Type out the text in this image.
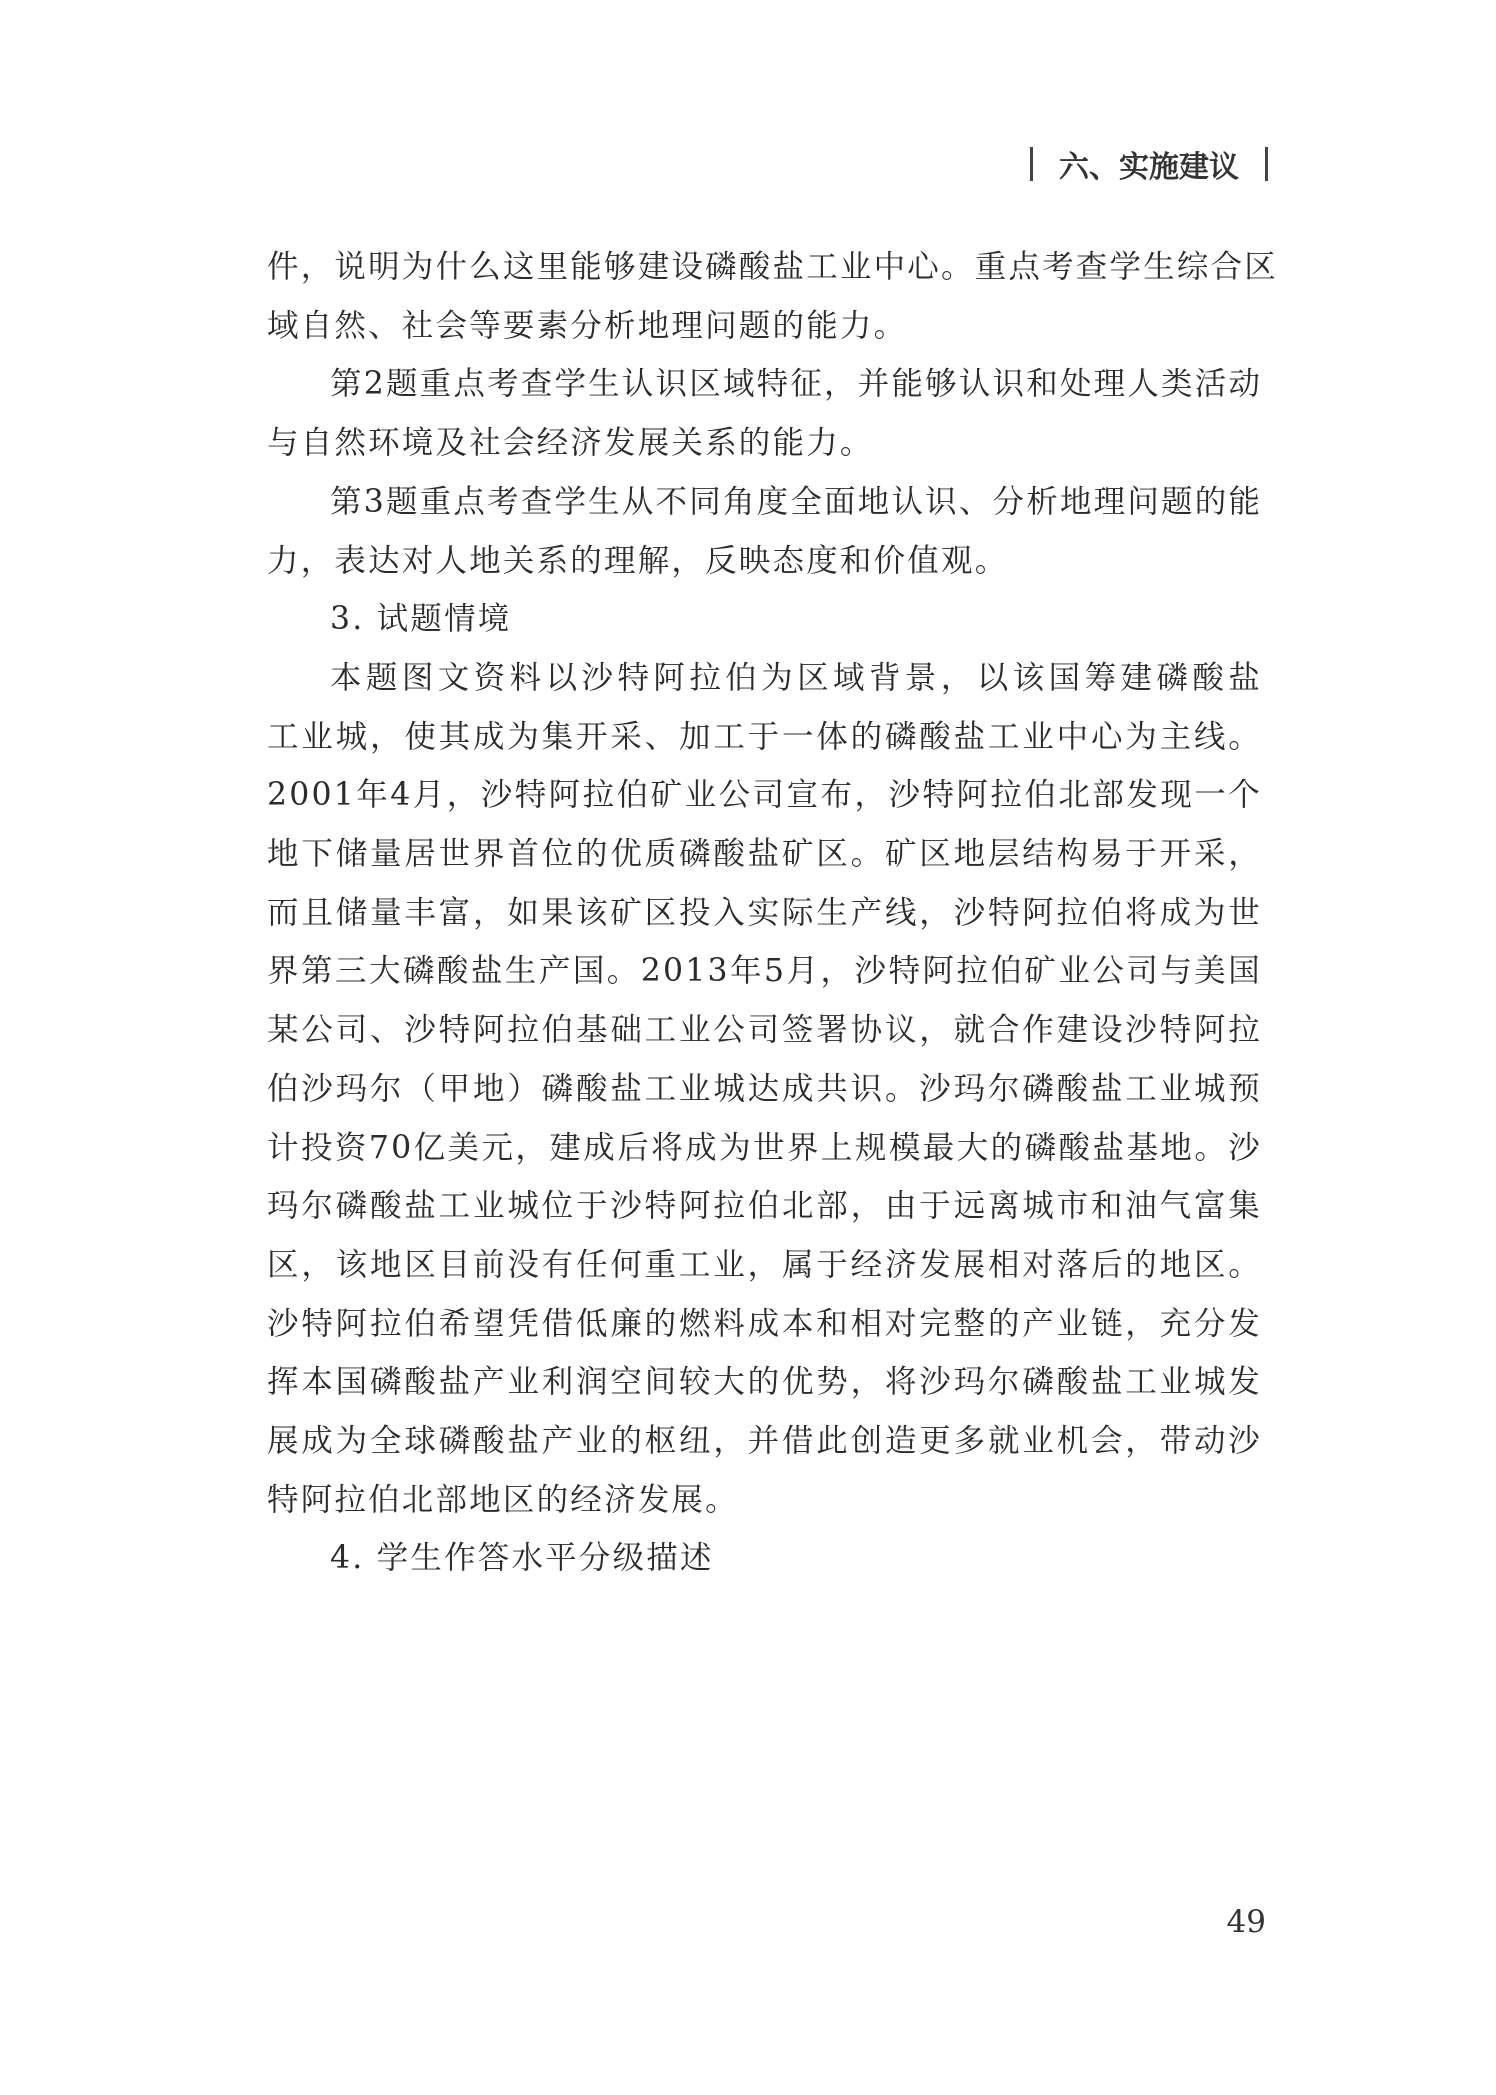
六、实施建议
件，说明为什么这里能够建设磷酸盐工业中心。重点考查学生综合区
域自然、社会等要素分析地理问题的能力。
第2题重点考查学生认识区域特征，并能够认识和处理人类活动
与自然环境及社会经济发展关系的能力。
第3题重点考查学生从不同角度全面地认识、分析地理问题的能
力，表达对人地关系的理解，反映态度和价值观。
3. 试题情境
本题图文资料以沙特阿拉伯为区域背景，以该国筹建磷酸盐
工业城，使其成为集开采、加工于一体的磷酸盐工业中心为主线。
2001年4月，沙特阿拉伯矿业公司宣布，沙特阿拉伯北部发现一个
地下储量居世界首位的优质磷酸盐矿区。矿区地层结构易于开采，
而且储量丰富，如果该矿区投入实际生产线，沙特阿拉伯将成为世
界第三大磷酸盐生产国。2013年5月，沙特阿拉伯矿业公司与美国
某公司、沙特阿拉伯基础工业公司签署协议，就合作建设沙特阿拉
伯沙玛尔（甲地）磷酸盐工业城达成共识。沙玛尔磷酸盐工业城预
计投资70亿美元，建成后将成为世界上规模最大的磷酸盐基地。沙
玛尔磷酸盐工业城位于沙特阿拉伯北部，由于远离城市和油气富集
区，该地区目前没有任何重工业，属于经济发展相对落后的地区。
沙特阿拉伯希望凭借低廉的燃料成本和相对完整的产业链，充分发
挥本国磷酸盐产业利润空间较大的优势，将沙玛尔磷酸盐工业城发
展成为全球磷酸盐产业的枢纽，并借此创造更多就业机会，带动沙
特阿拉伯北部地区的经济发展。
4. 学生作答水平分级描述
49
